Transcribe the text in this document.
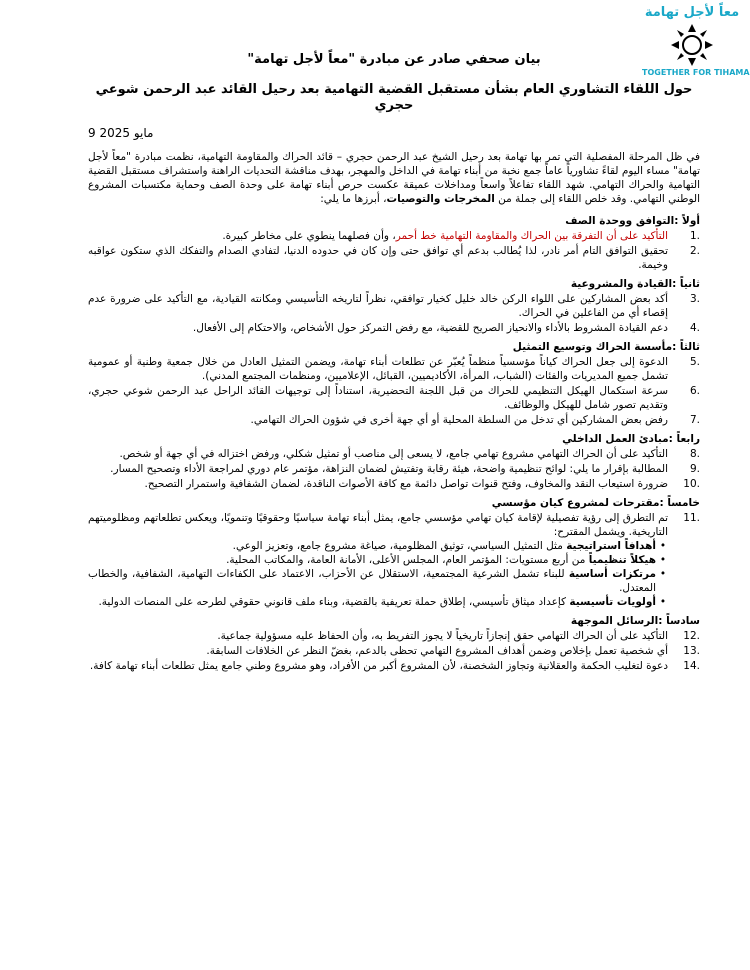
معاً لأجل تهامة
TOGETHER FOR TIHAMA
بيان صحفي صادر عن مبادرة "معاً لأجل تهامة"
حول اللقاء التشاوري العام بشأن مستقبل القضية التهامية بعد رحيل القائد عبد الرحمن شوعي حجري
9 مايو 2025
في ظل المرحلة المفصلية التي تمر بها تهامة بعد رحيل الشيخ عبد الرحمن حجري – قائد الحراك والمقاومة التهامية، نظمت مبادرة "معاً لأجل تهامة" مساء اليوم لقاءً تشاورياً عاماً جمع نخبة من أبناء تهامة في الداخل والمهجر، بهدف مناقشة التحديات الراهنة واستشراف مستقبل القضية التهامية والحراك التهامي. شهد اللقاء تفاعلاً واسعاً ومداخلات عميقة عكست حرص أبناء تهامة على وحدة الصف وحماية مكتسبات المشروع الوطني التهامي. وقد خلص اللقاء إلى جملة من المخرجات والتوصيات، أبرزها ما يلي:
أولاً :التوافق ووحدة الصف
1.
التأكيد على أن التفرقة بين الحراك والمقاومة التهامية خط أحمر، وأن فصلهما ينطوي على مخاطر كبيرة.
2.
تحقيق التوافق التام أمر نادر، لذا يُطالب بدعم أي توافق حتى وإن كان في حدوده الدنيا، لتفادي الصدام والتفكك الذي ستكون عواقبه وخيمة.
ثانياً :القيادة والمشروعية
3.
أكد بعض المشاركين على اللواء الركن خالد خليل كخيار توافقي، نظراً لتاريخه التأسيسي ومكانته القيادية، مع التأكيد على ضرورة عدم إقصاء أي من الفاعلين في الحراك.
4.
دعم القيادة المشروط بالأداء والانحياز الصريح للقضية، مع رفض التمركز حول الأشخاص، والاحتكام إلى الأفعال.
ثالثاً :مأسسة الحراك وتوسيع التمثيل
5.
الدعوة إلى جعل الحراك كياناً مؤسسياً منظماً يُعبّر عن تطلعات أبناء تهامة، ويضمن التمثيل العادل من خلال جمعية وطنية أو عمومية تشمل جميع المديريات والفئات (الشباب، المرأة، الأكاديميين، القبائل، الإعلاميين، ومنظمات المجتمع المدني).
6.
سرعة استكمال الهيكل التنظيمي للحراك من قبل اللجنة التحضيرية، استناداً إلى توجيهات القائد الراحل عبد الرحمن شوعي حجري، وتقديم تصور شامل للهيكل والوظائف.
7.
رفض بعض المشاركين أي تدخل من السلطة المحلية أو أي جهة أخرى في شؤون الحراك التهامي.
رابعاً :مبادئ العمل الداخلي
8.
التأكيد على أن الحراك التهامي مشروع تهامي جامع، لا يسعى إلى مناصب أو تمثيل شكلي، ورفض اختزاله في أي جهة أو شخص.
9.
المطالبة بإقرار ما يلي: لوائح تنظيمية واضحة، هيئة رقابة وتفتيش لضمان النزاهة، مؤتمر عام دوري لمراجعة الأداء وتصحيح المسار.
10.
ضرورة استيعاب النقد والمخاوف، وفتح قنوات تواصل دائمة مع كافة الأصوات الناقدة، لضمان الشفافية واستمرار التصحيح.
خامساً :مقترحات لمشروع كيان مؤسسي
11.
تم التطرق إلى رؤية تفصيلية لإقامة كيان تهامي مؤسسي جامع، يمثل أبناء تهامة سياسيًا وحقوقيًا وتنمويًا، ويعكس تطلعاتهم ومظلوميتهم التاريخية. ويشمل المقترح:
•
أهدافاً استراتيجية مثل التمثيل السياسي، توثيق المظلومية، صياغة مشروع جامع، وتعزيز الوعي.
•
هيكلاً تنظيمياً من أربع مستويات: المؤتمر العام، المجلس الأعلى، الأمانة العامة، والمكاتب المحلية.
•
مرتكزات أساسية للبناء تشمل الشرعية المجتمعية، الاستقلال عن الأحزاب، الاعتماد على الكفاءات التهامية، الشفافية، والخطاب المعتدل.
•
أولويات تأسيسية كإعداد ميثاق تأسيسي، إطلاق حملة تعريفية بالقضية، وبناء ملف قانوني حقوقي لطرحه على المنصات الدولية.
سادساً :الرسائل الموجهة
12.
التأكيد على أن الحراك التهامي حقق إنجازاً تاريخياً لا يجوز التفريط به، وأن الحفاظ عليه مسؤولية جماعية.
13.
أي شخصية تعمل بإخلاص وضمن أهداف المشروع التهامي تحظى بالدعم، بغضّ النظر عن الخلافات السابقة.
14.
دعوة لتغليب الحكمة والعقلانية وتجاوز الشخصنة، لأن المشروع أكبر من الأفراد، وهو مشروع وطني جامع يمثل تطلعات أبناء تهامة كافة.
